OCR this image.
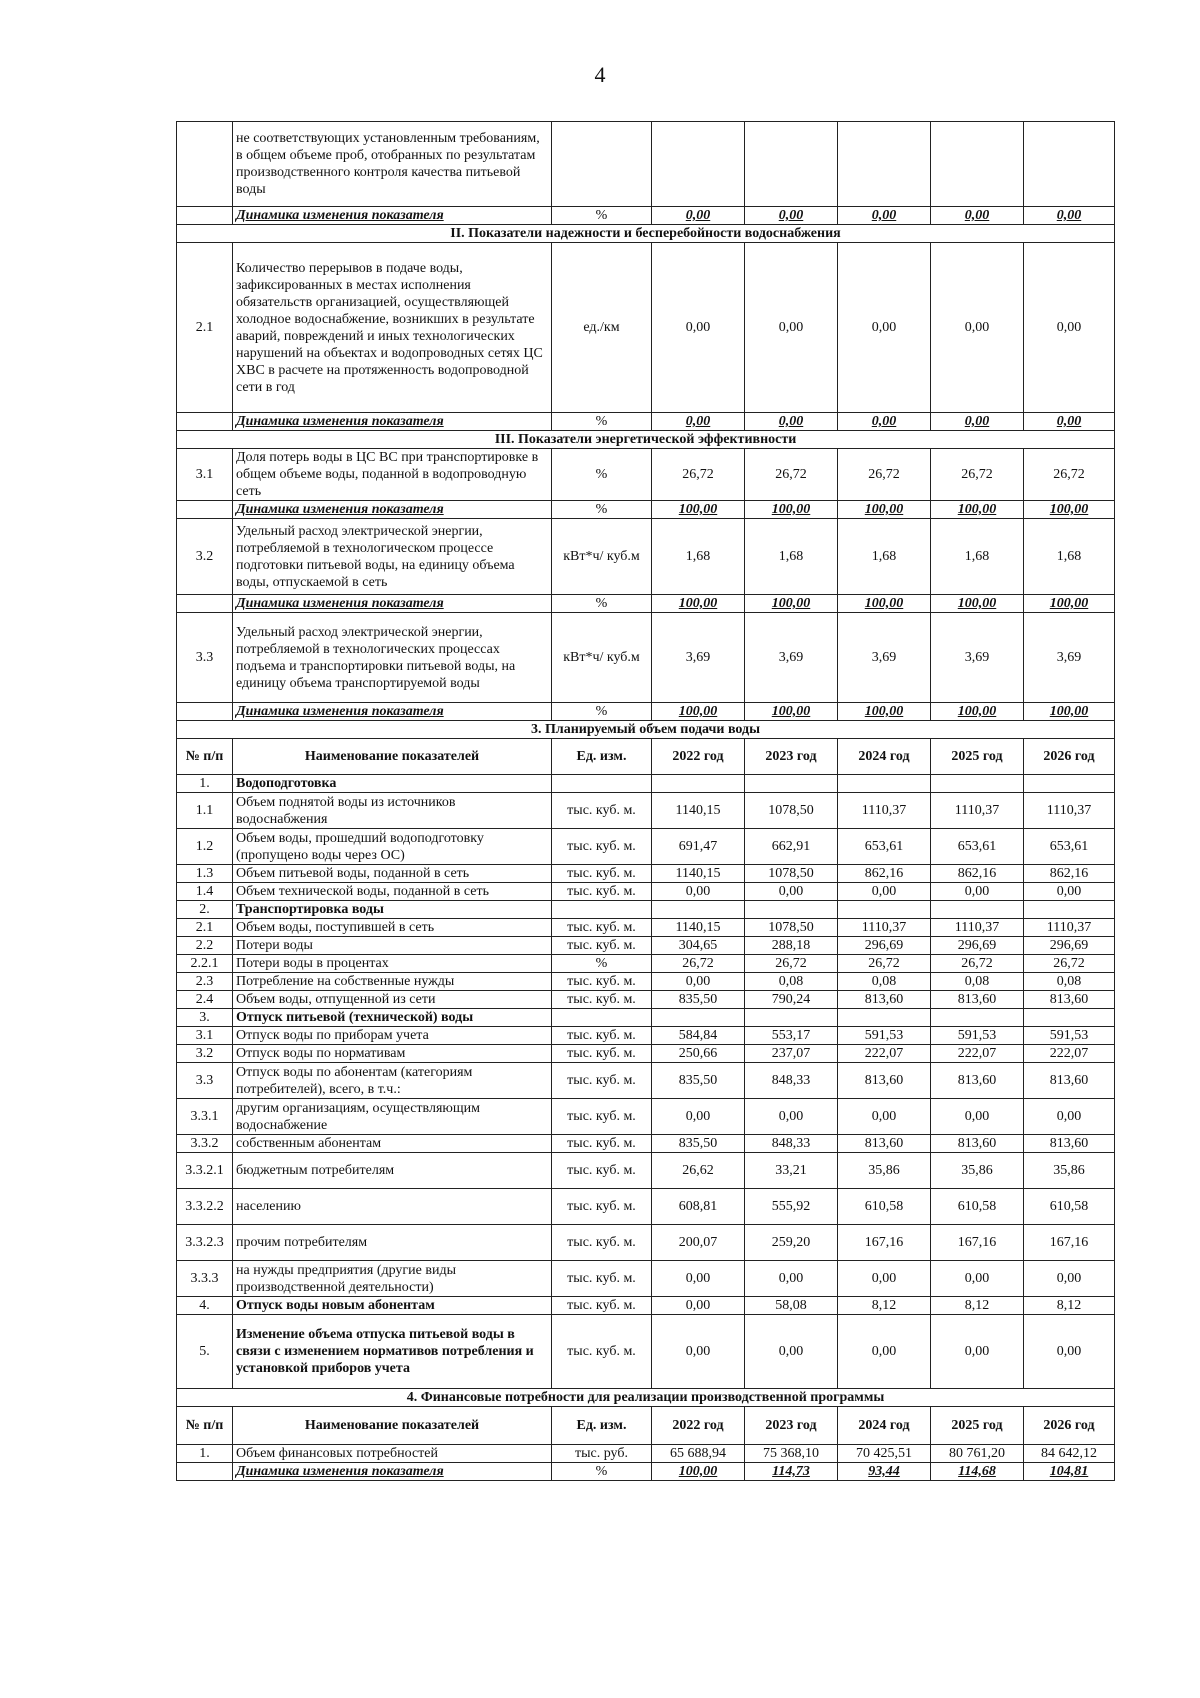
4
	не соответствующих установленным требованиям, в общем объеме проб, отобранных по результатам производственного контроля качества питьевой воды						
	Динамика изменения показателя	%	0,00	0,00	0,00	0,00	0,00
II. Показатели надежности и бесперебойности водоснабжения							
2.1	Количество перерывов в подаче воды, зафиксированных в местах исполнения обязательств организацией, осуществляющей холодное водоснабжение, возникших в результате аварий, повреждений и иных технологических нарушений на объектах и водопроводных сетях ЦС ХВС в расчете на протяженность водопроводной сети в год	ед./км	0,00	0,00	0,00	0,00	0,00
	Динамика изменения показателя	%	0,00	0,00	0,00	0,00	0,00
III. Показатели энергетической эффективности							
3.1	Доля потерь воды в ЦС ВС при транспортировке в общем объеме воды, поданной в водопроводную сеть	%	26,72	26,72	26,72	26,72	26,72
	Динамика изменения показателя	%	100,00	100,00	100,00	100,00	100,00
3.2	Удельный расход электрической энергии, потребляемой в технологическом процессе подготовки питьевой воды, на единицу объема воды, отпускаемой в сеть	кВт*ч/ куб.м	1,68	1,68	1,68	1,68	1,68
	Динамика изменения показателя	%	100,00	100,00	100,00	100,00	100,00
3.3	Удельный расход электрической энергии, потребляемой в технологических процессах подъема и транспортировки питьевой воды, на единицу объема транспортируемой воды	кВт*ч/ куб.м	3,69	3,69	3,69	3,69	3,69
	Динамика изменения показателя	%	100,00	100,00	100,00	100,00	100,00
3. Планируемый объем подачи воды							
№ п/п	Наименование показателей	Ед. изм.	2022 год	2023 год	2024 год	2025 год	2026 год
1.	Водоподготовка						
1.1	Объем поднятой воды из источников водоснабжения	тыс. куб. м.	1140,15	1078,50	1110,37	1110,37	1110,37
1.2	Объем воды, прошедший водоподготовку (пропущено воды через ОС)	тыс. куб. м.	691,47	662,91	653,61	653,61	653,61
1.3	Объем питьевой воды, поданной в сеть	тыс. куб. м.	1140,15	1078,50	862,16	862,16	862,16
1.4	Объем технической воды, поданной в сеть	тыс. куб. м.	0,00	0,00	0,00	0,00	0,00
2.	Транспортировка воды						
2.1	Объем воды, поступившей в сеть	тыс. куб. м.	1140,15	1078,50	1110,37	1110,37	1110,37
2.2	Потери воды	тыс. куб. м.	304,65	288,18	296,69	296,69	296,69
2.2.1	Потери воды в процентах	%	26,72	26,72	26,72	26,72	26,72
2.3	Потребление на собственные нужды	тыс. куб. м.	0,00	0,08	0,08	0,08	0,08
2.4	Объем воды, отпущенной из сети	тыс. куб. м.	835,50	790,24	813,60	813,60	813,60
3.	Отпуск питьевой (технической) воды						
3.1	Отпуск воды по приборам учета	тыс. куб. м.	584,84	553,17	591,53	591,53	591,53
3.2	Отпуск воды по нормативам	тыс. куб. м.	250,66	237,07	222,07	222,07	222,07
3.3	Отпуск воды по абонентам (категориям потребителей), всего, в т.ч.:	тыс. куб. м.	835,50	848,33	813,60	813,60	813,60
3.3.1	другим организациям, осуществляющим водоснабжение	тыс. куб. м.	0,00	0,00	0,00	0,00	0,00
3.3.2	собственным абонентам	тыс. куб. м.	835,50	848,33	813,60	813,60	813,60
3.3.2.1	бюджетным потребителям	тыс. куб. м.	26,62	33,21	35,86	35,86	35,86
3.3.2.2	населению	тыс. куб. м.	608,81	555,92	610,58	610,58	610,58
3.3.2.3	прочим потребителям	тыс. куб. м.	200,07	259,20	167,16	167,16	167,16
3.3.3	на нужды предприятия (другие виды производственной деятельности)	тыс. куб. м.	0,00	0,00	0,00	0,00	0,00
4.	Отпуск воды новым абонентам	тыс. куб. м.	0,00	58,08	8,12	8,12	8,12
5.	Изменение объема отпуска питьевой воды в связи с изменением нормативов потребления и установкой приборов учета	тыс. куб. м.	0,00	0,00	0,00	0,00	0,00
4. Финансовые потребности для реализации производственной программы							
№ п/п	Наименование показателей	Ед. изм.	2022 год	2023 год	2024 год	2025 год	2026 год
1.	Объем финансовых потребностей	тыс. руб.	65 688,94	75 368,10	70 425,51	80 761,20	84 642,12
	Динамика изменения показателя	%	100,00	114,73	93,44	114,68	104,81
